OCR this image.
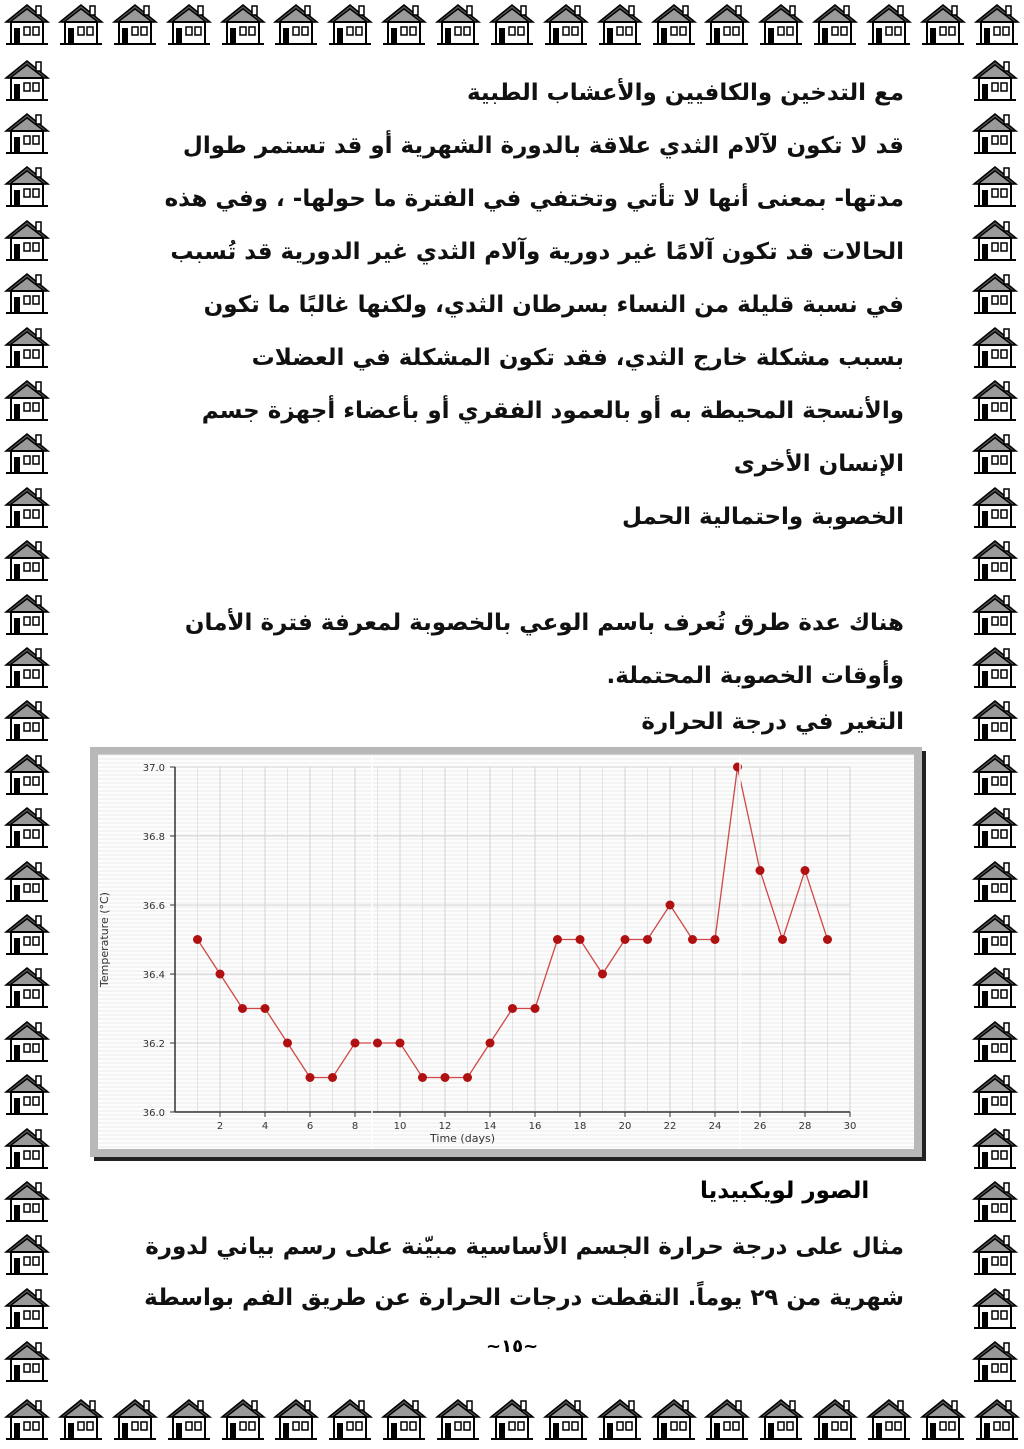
مع التدخين والكافيين والأعشاب الطبية
قد لا تكون لآلام الثدي علاقة بالدورة الشهرية أو قد تستمر طوال
مدتها- بمعنى أنها لا تأتي وتختفي في الفترة ما حولها- ، وفي هذه
الحالات قد تكون آلامًا غير دورية وآلام الثدي غير الدورية قد تُسبب
في نسبة قليلة من النساء بسرطان الثدي، ولكنها غالبًا ما تكون
بسبب مشكلة خارج الثدي، فقد تكون المشكلة في العضلات
والأنسجة المحيطة به أو بالعمود الفقري أو بأعضاء أجهزة جسم
الإنسان الأخرى
الخصوبة واحتمالية الحمل
هناك عدة طرق تُعرف باسم الوعي بالخصوبة لمعرفة فترة الأمان
وأوقات الخصوبة المحتملة.
التغير في درجة الحرارة
36.0
36.2
36.4
36.6
36.8
37.0
2	4	6	8	10	12	14	16	18	20	22	24	26	28	30
Time (days)
Temperature (°C)
الصور لويكبيديا
مثال على درجة حرارة الجسم الأساسية مبيّنة على رسم بياني لدورة
شهرية من ٢٩ يوماً. التقطت درجات الحرارة عن طريق الفم بواسطة
~١٥~
